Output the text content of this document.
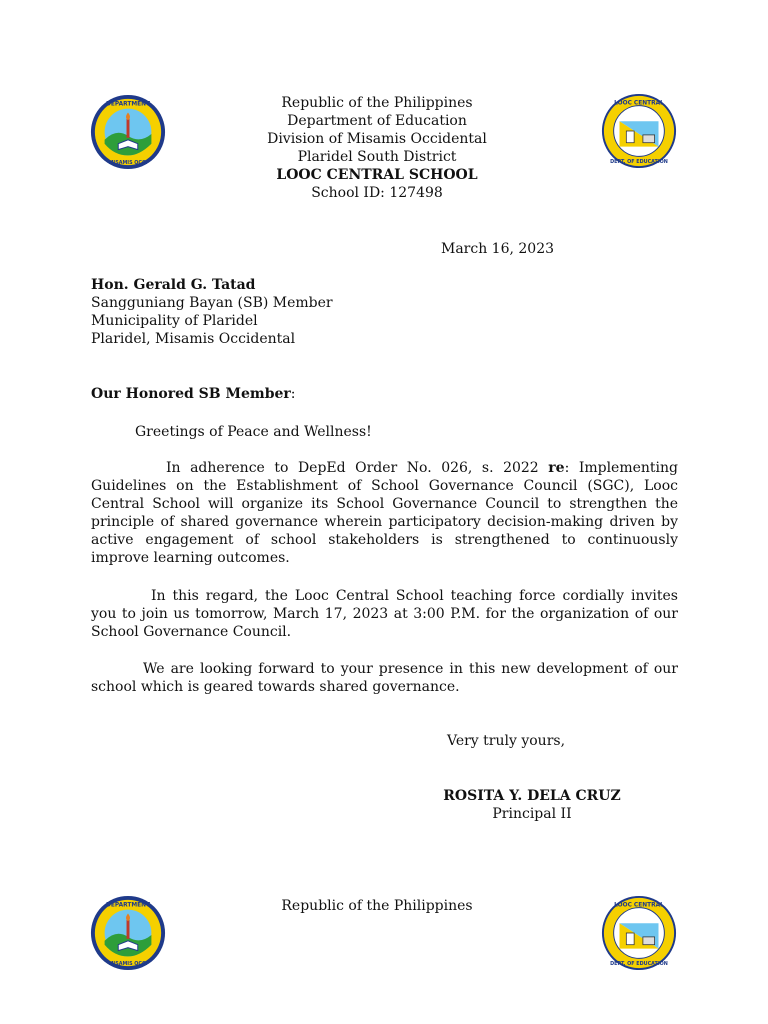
DEPARTMENT
MISAMIS OCC.
LOOC CENTRAL
DEPT. OF EDUCATION
Republic of the Philippines
Department of Education
Division of Misamis Occidental
Plaridel South District
LOOC CENTRAL SCHOOL
School ID: 127498
March 16, 2023
Hon. Gerald G. Tatad
Sangguniang Bayan (SB) Member
Municipality of Plaridel
Plaridel, Misamis Occidental
Our Honored SB Member:
Greetings of Peace and Wellness!
In adherence to DepEd Order No. 026, s. 2022 re: Implementing Guidelines on the Establishment of School Governance Council (SGC), Looc Central School will organize its School Governance Council to strengthen the principle of shared governance wherein participatory decision-making driven by active engagement of school stakeholders is strengthened to continuously improve learning outcomes.
In this regard, the Looc Central School teaching force cordially invites you to join us tomorrow, March 17, 2023 at 3:00 P.M. for the organization of our School Governance Council.
We are looking forward to your presence in this new development of our school which is geared towards shared governance.
Very truly yours,
ROSITA Y. DELA CRUZ
Principal II
DEPARTMENT
MISAMIS OCC.
Republic of the Philippines	LOOC CENTRAL
DEPT. OF EDUCATION
